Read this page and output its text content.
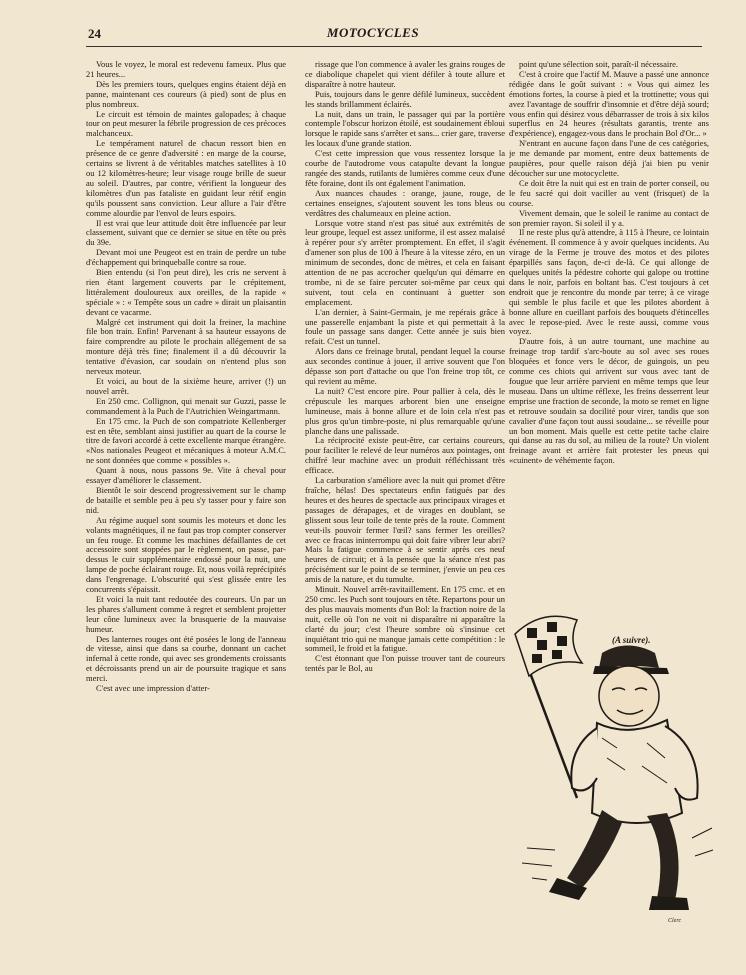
24	MOTOCYCLES

Vous le voyez, le moral est redevenu fameux. Plus que 21 heures...

Dès les premiers tours, quelques engins étaient déjà en panne, maintenant ces coureurs (à pied) sont de plus en plus nombreux.

Le circuit est témoin de maintes galopades; à chaque tour on peut mesurer la fébrile progression de ces précoces malchanceux.

Le tempérament naturel de chacun ressort bien en présence de ce genre d'adversité : en marge de la course, certains se livrent à de véritables matches satellites à 10 ou 12 kilomètres-heure; leur visage rouge brille de sueur au soleil. D'autres, par contre, vérifient la longueur des kilomètres d'un pas fataliste en guidant leur rétif engin qu'ils poussent sans conviction. Leur allure a l'air d'être comme alourdie par l'envol de leurs espoirs.

Il est vrai que leur attitude doit être influencée par leur classement, suivant que ce dernier se situe en tête ou près du 39e.

Devant moi une Peugeot est en train de perdre un tube d'échappement qui brinqueballe contre sa roue.

Bien entendu (si l'on peut dire), les cris ne servent à rien étant largement couverts par le crépitement, littéralement douloureux aux oreilles, de la rapide « spéciale » : « Tempête sous un cadre » dirait un plaisantin devant ce vacarme.

Malgré cet instrument qui doit la freiner, la machine file bon train. Enfin! Parvenant à sa hauteur essayons de faire comprendre au pilote le prochain allégement de sa monture déjà très fine; finalement il a dû découvrir la tentative d'évasion, car soudain on n'entend plus son nerveux moteur.

Et voici, au bout de la sixième heure, arriver (!) un nouvel arrêt.

En 250 cmc. Collignon, qui menait sur Guzzi, passe le commandement à la Puch de l'Autrichien Weingartmann.

En 175 cmc. la Puch de son compatriote Kellenberger est en tête, semblant ainsi justifier au quart de la course le titre de favori accordé à cette excellente marque étrangère. «Nos nationales Peugeot et mécaniques à moteur A.M.C. ne sont données que comme « possibles ».

Quant à nous, nous passons 9e. Vite à cheval pour essayer d'améliorer le classement.

Bientôt le soir descend progressivement sur le champ de bataille et semble peu à peu s'y tasser pour y faire son nid.

Au régime auquel sont soumis les moteurs et donc les volants magnétiques, il ne faut pas trop compter conserver un feu rouge. Et comme les machines défaillantes de cet accessoire sont stoppées par le règlement, on passe, par-dessus le cuir supplémentaire endossé pour la nuit, une lampe de poche éclairant rouge. Et, nous voilà reprécipités dans l'engrenage. L'obscurité qui s'est glissée entre les concurrents s'épaissit.

Et voici la nuit tant redoutée des coureurs. Un par un les phares s'allument comme à regret et semblent projetter leur cône lumineux avec la brusquerie de la mauvaise humeur.

Des lanternes rouges ont été posées le long de l'anneau de vitesse, ainsi que dans sa courbe, donnant un cachet infernal à cette ronde, qui avec ses grondements croissants et décroissants prend un air de poursuite tragique et sans merci.

C'est avec une impression d'atter-

rissage que l'on commence à avaler les grains rouges de ce diabolique chapelet qui vient défiler à toute allure et disparaître à notre hauteur.

Puis, toujours dans le genre défilé lumineux, succèdent les stands brillamment éclairés.

La nuit, dans un train, le passager qui par la portière contemple l'obscur horizon étoilé, est soudainement ébloui lorsque le rapide sans s'arrêter et sans... crier gare, traverse les locaux d'une grande station.

C'est cette impression que vous ressentez lorsque la courbe de l'autodrome vous catapulte devant la longue rangée des stands, rutilants de lumières comme ceux d'une fête foraine, dont ils ont également l'animation.

Aux nuances chaudes : orange, jaune, rouge, de certaines enseignes, s'ajoutent souvent les tons bleus ou verdâtres des chalumeaux en pleine action.

Lorsque votre stand n'est pas situé aux extrémités de leur groupe, lequel est assez uniforme, il est assez malaisé à repérer pour s'y arrêter promptement. En effet, il s'agit d'amener son plus de 100 à l'heure à la vitesse zéro, en un minimum de secondes, donc de mètres, et cela en faisant attention de ne pas accrocher quelqu'un qui démarre en trombe, ni de se faire percuter soi-même par ceux qui suivent, tout cela en continuant à guetter son emplacement.

L'an dernier, à Saint-Germain, je me repérais grâce à une passerelle enjambant la piste et qui permettait à la foule un passage sans danger. Cette année je suis bien refait. C'est un tunnel.

Alors dans ce freinage brutal, pendant lequel la course aux secondes continue à jouer, il arrive souvent que l'on dépasse son port d'attache ou que l'on freine trop tôt, ce qui revient au même.

La nuit? C'est encore pire. Pour pallier à cela, dès le crépuscule les marques arborent bien une enseigne lumineuse, mais à bonne allure et de loin cela n'est pas plus gros qu'un timbre-poste, ni plus remarquable qu'une planche dans une palissade.

La réciprocité existe peut-être, car certains coureurs, pour faciliter le relevé de leur numéros aux pointages, ont chiffré leur machine avec un produit réfléchissant très efficace.

La carburation s'améliore avec la nuit qui promet d'être fraîche, hélas! Des spectateurs enfin fatigués par des heures et des heures de spectacle aux principaux virages et passages de dérapages, et de virages en doublant, se glissent sous leur toile de tente près de la route. Comment veut-ils pouvoir fermer l'œil? sans fermer les oreilles? avec ce fracas ininterrompu qui doit faire vibrer leur abri? Mais la fatigue commence à se sentir après ces neuf heures de circuit; et à la pensée que la séance n'est pas précisément sur le point de se terminer, j'envie un peu ces amis de la nature, et du tumulte.

Minuit. Nouvel arrêt-ravitaillement. En 175 cmc. et en 250 cmc. les Puch sont toujours en tête. Repartons pour un des plus mauvais moments d'un Bol: la fraction noire de la nuit, celle où l'on ne voit ni disparaître ni apparaître la clarté du jour; c'est l'heure sombre où s'insinue cet inquiétant trio qui ne manque jamais cette compétition : le sommeil, le froid et la fatigue.

C'est étonnant que l'on puisse trouver tant de coureurs tentés par le Bol, au

point qu'une sélection soit, paraît-il nécessaire.

C'est à croire que l'actif M. Mauve a passé une annonce rédigée dans le goût suivant : « Vous qui aimez les émotions fortes, la course à pied et la trottinette; vous qui avez l'avantage de souffrir d'insomnie et d'être déjà sourd; vous enfin qui désirez vous débarrasser de trois à six kilos superflus en 24 heures (résultats garantis, trente ans d'expérience), engagez-vous dans le prochain Bol d'Or... »

N'entrant en aucune façon dans l'une de ces catégories, je me demande par moment, entre deux battements de paupières, pour quelle raison déjà j'ai bien pu venir découcher sur une motocyclette.

Ce doit être la nuit qui est en train de porter conseil, ou le feu sacré qui doit vaciller au vent (frisquet) de la course.

Vivement demain, que le soleil le ranime au contact de son premier rayon. Si soleil il y a.

Il ne reste plus qu'à attendre, à 115 à l'heure, ce lointain événement. Il commence à y avoir quelques incidents. Au virage de la Ferme je trouve des motos et des pilotes éparpillés sans façon, de-ci de-là. Ce qui allonge de quelques unités la pédestre cohorte qui galope ou trottine dans le noir, parfois en boltant bas. C'est toujours à cet endroit que je rencontre du monde par terre; à ce virage qui semble le plus facile et que les pilotes abordent à bonne allure en cueillant parfois des bouquets d'étincelles avec le repose-pied. Avec le reste aussi, comme vous voyez.

D'autre fois, à un autre tournant, une machine au freinage trop tardif s'arc-boute au sol avec ses roues bloquées et fonce vers le décor, de guingois, un peu comme ces chiots qui arrivent sur vous avec tant de fougue que leur arrière parvient en même temps que leur museau. Dans un ultime réflexe, les freins desserrent leur emprise une fraction de seconde, la moto se remet en ligne et retrouve soudain sa docilité pour virer, tandis que son cavalier d'une façon tout aussi soudaine... se réveille pour un bon moment. Mais quelle est cette petite tache claire qui danse au ras du sol, au milieu de la route? Un violent freinage avant et arrière fait protester les pneus qui «cuinent» de véhémente façon.

Clerc
(A suivre).
